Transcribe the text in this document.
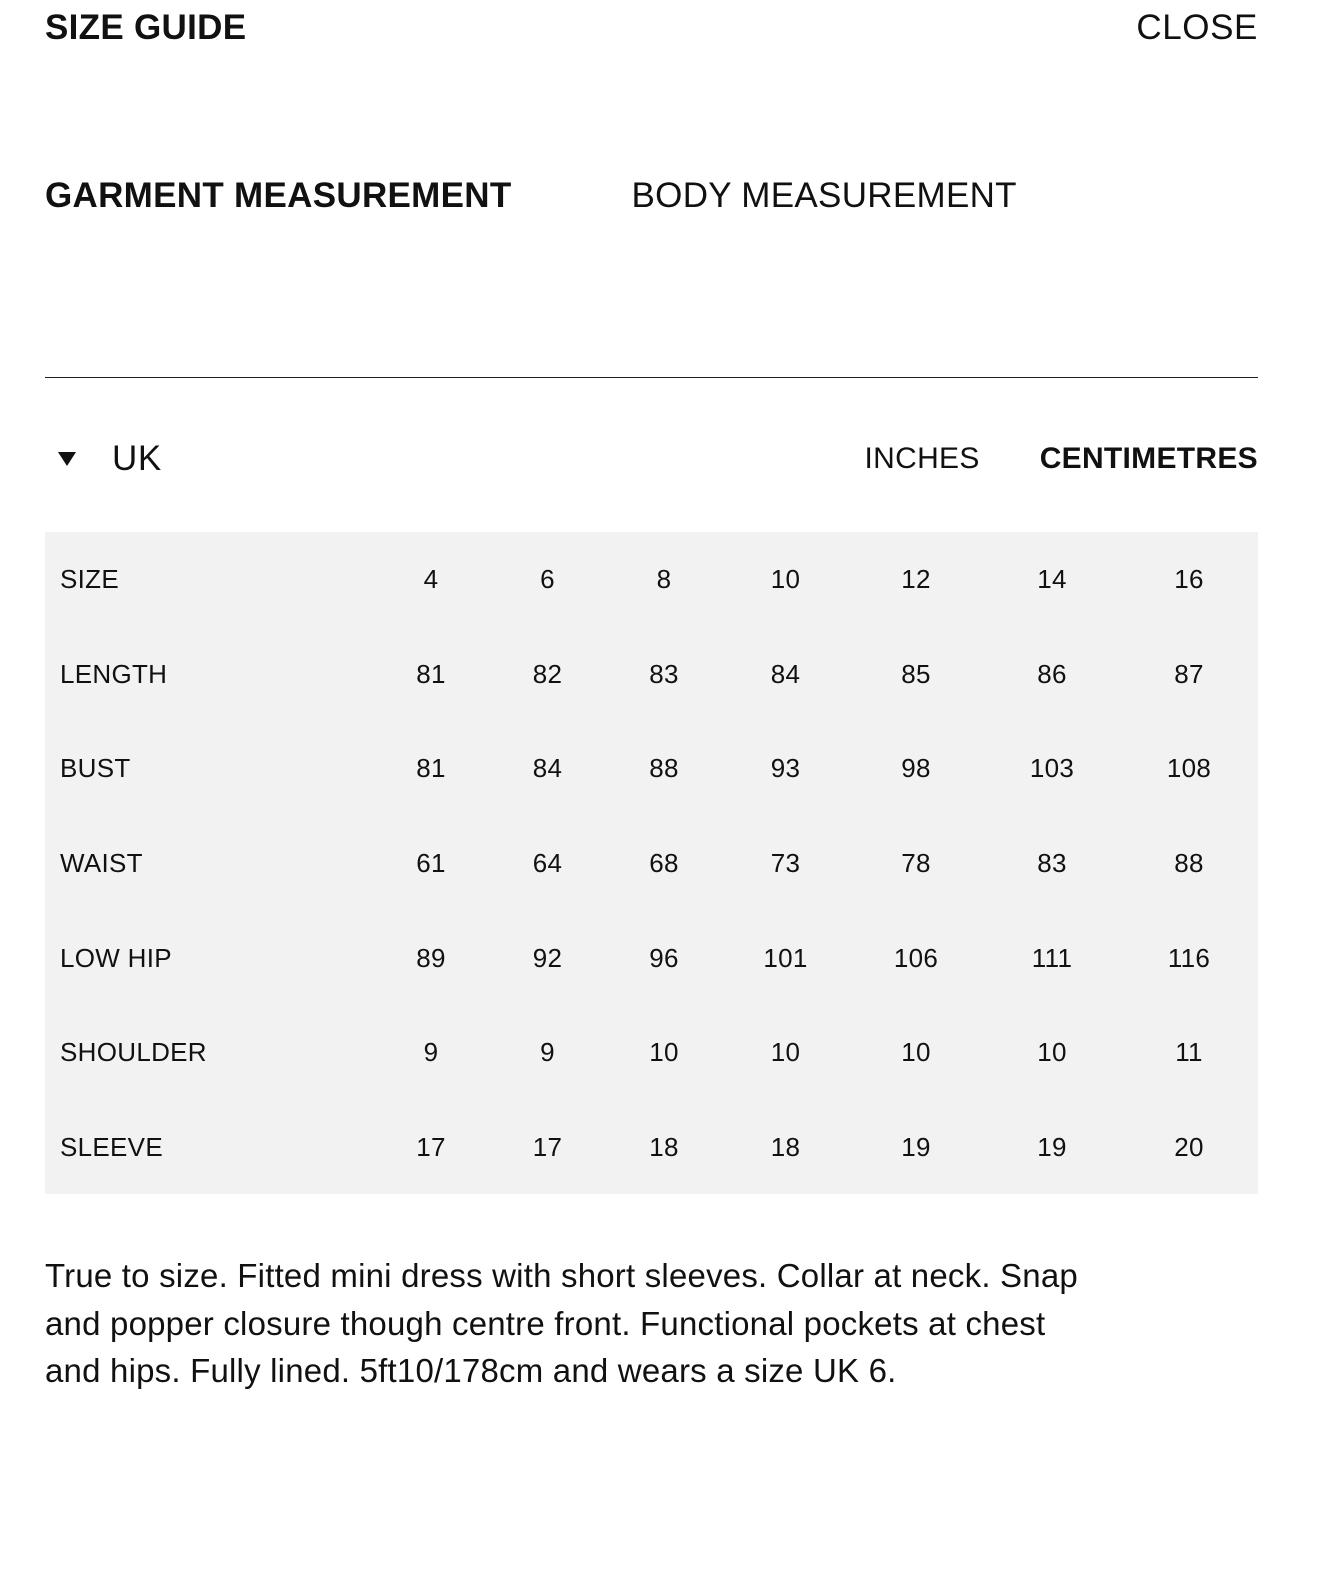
SIZE GUIDE	CLOSE
GARMENT MEASUREMENT	BODY MEASUREMENT
UK	INCHES CENTIMETRES
SIZE	4	6	8	10	12	14	16
LENGTH	81	82	83	84	85	86	87
BUST	81	84	88	93	98	103	108
WAIST	61	64	68	73	78	83	88
LOW HIP	89	92	96	101	106	111	116
SHOULDER	9	9	10	10	10	10	11
SLEEVE	17	17	18	18	19	19	20

True to size. Fitted mini dress with short sleeves. Collar at neck. Snap and popper closure though centre front. Functional pockets at chest and hips. Fully lined. 5ft10/178cm and wears a size UK 6.
